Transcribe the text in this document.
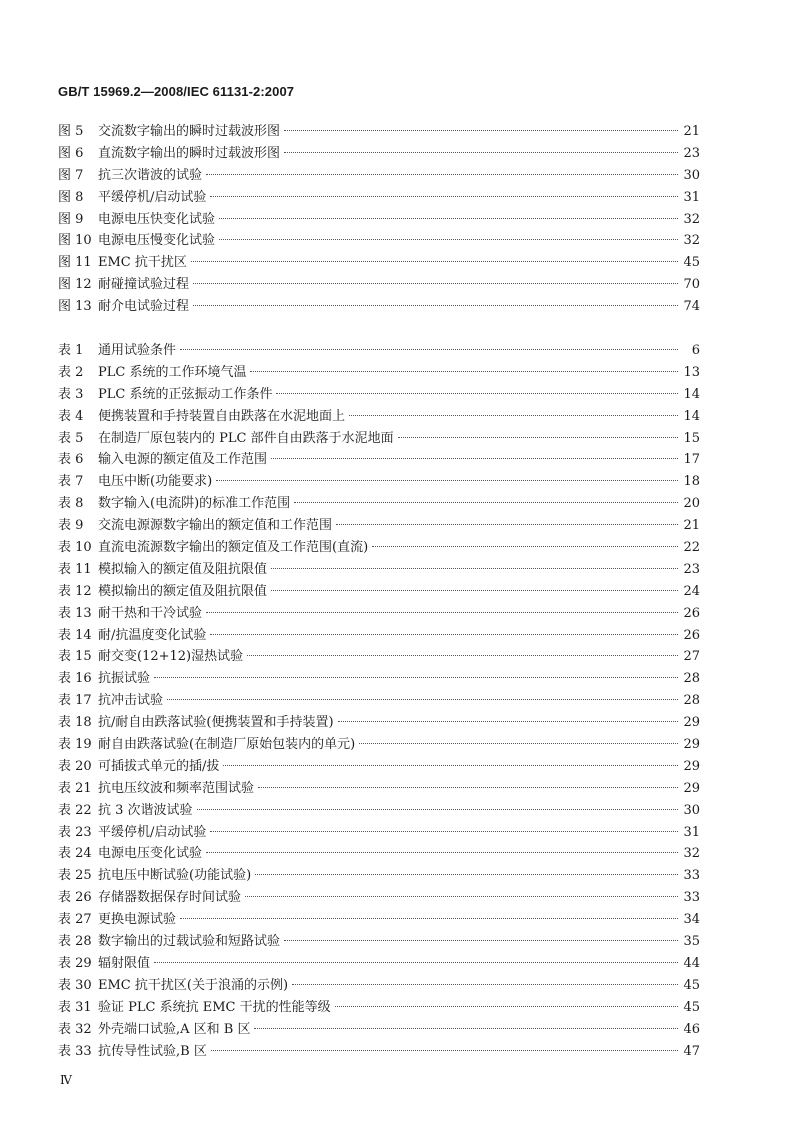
GB/T 15969.2—2008/IEC 61131-2:2007
图 5	交流数字输出的瞬时过载波形图	21
图 6	直流数字输出的瞬时过载波形图	23
图 7	抗三次谐波的试验	30
图 8	平缓停机/启动试验	31
图 9	电源电压快变化试验	32
图 10 电源电压慢变化试验	32
图 11 EMC 抗干扰区	45
图 12 耐碰撞试验过程	70
图 13 耐介电试验过程	74
表 1	通用试验条件	6
表 2	PLC 系统的工作环境气温	13
表 3	PLC 系统的正弦振动工作条件	14
表 4	便携装置和手持装置自由跌落在水泥地面上	14
表 5	在制造厂原包装内的 PLC 部件自由跌落于水泥地面	15
表 6	输入电源的额定值及工作范围	17
表 7	电压中断(功能要求)	18
表 8	数字输入(电流阱)的标准工作范围	20
表 9	交流电源源数字输出的额定值和工作范围	21
表 10 直流电流源数字输出的额定值及工作范围(直流)	22
表 11 模拟输入的额定值及阻抗限值	23
表 12 模拟输出的额定值及阻抗限值	24
表 13 耐干热和干冷试验	26
表 14 耐/抗温度变化试验	26
表 15 耐交变(12+12)湿热试验	27
表 16 抗振试验	28
表 17 抗冲击试验	28
表 18 抗/耐自由跌落试验(便携装置和手持装置)	29
表 19 耐自由跌落试验(在制造厂原始包装内的单元)	29
表 20 可插拔式单元的插/拔	29
表 21 抗电压纹波和频率范围试验	29
表 22 抗 3 次谐波试验	30
表 23 平缓停机/启动试验	31
表 24 电源电压变化试验	32
表 25 抗电压中断试验(功能试验)	33
表 26 存储器数据保存时间试验	33
表 27 更换电源试验	34
表 28 数字输出的过载试验和短路试验	35
表 29 辐射限值	44
表 30 EMC 抗干扰区(关于浪涌的示例)	45
表 31 验证 PLC 系统抗 EMC 干扰的性能等级	45
表 32 外壳端口试验,A 区和 B 区	46
表 33 抗传导性试验,B 区	47
Ⅳ
